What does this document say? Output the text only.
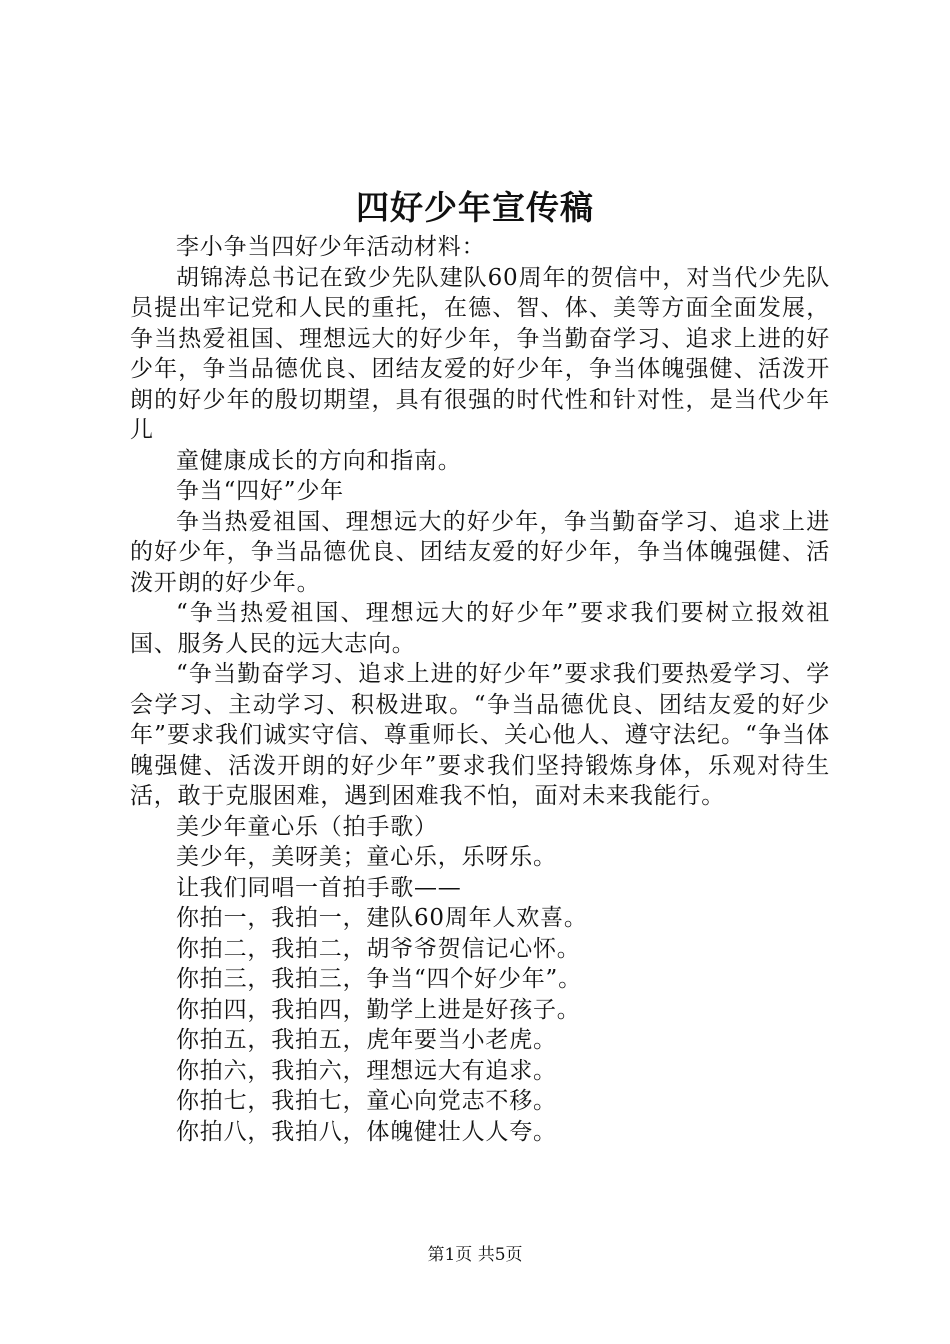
四好少年宣传稿

李小争当四好少年活动材料：

胡锦涛总书记在致少先队建队60周年的贺信中，对当代少先队员提出牢记党和人民的重托，在德、智、体、美等方面全面发展，争当热爱祖国、理想远大的好少年，争当勤奋学习、追求上进的好少年，争当品德优良、团结友爱的好少年，争当体魄强健、活泼开朗的好少年的殷切期望，具有很强的时代性和针对性，是当代少年儿

童健康成长的方向和指南。

争当“四好”少年

争当热爱祖国、理想远大的好少年，争当勤奋学习、追求上进的好少年，争当品德优良、团结友爱的好少年，争当体魄强健、活泼开朗的好少年。

“争当热爱祖国、理想远大的好少年”要求我们要树立报效祖国、服务人民的远大志向。

“争当勤奋学习、追求上进的好少年”要求我们要热爱学习、学会学习、主动学习、积极进取。“争当品德优良、团结友爱的好少年”要求我们诚实守信、尊重师长、关心他人、遵守法纪。“争当体魄强健、活泼开朗的好少年”要求我们坚持锻炼身体，乐观对待生活，敢于克服困难，遇到困难我不怕，面对未来我能行。

美少年童心乐（拍手歌）

美少年，美呀美；童心乐，乐呀乐。

让我们同唱一首拍手歌——

你拍一，我拍一，建队60周年人欢喜。

你拍二，我拍二，胡爷爷贺信记心怀。

你拍三，我拍三，争当“四个好少年”。

你拍四，我拍四，勤学上进是好孩子。

你拍五，我拍五，虎年要当小老虎。

你拍六，我拍六，理想远大有追求。

你拍七，我拍七，童心向党志不移。

你拍八，我拍八，体魄健壮人人夸。

第1页 共5页
